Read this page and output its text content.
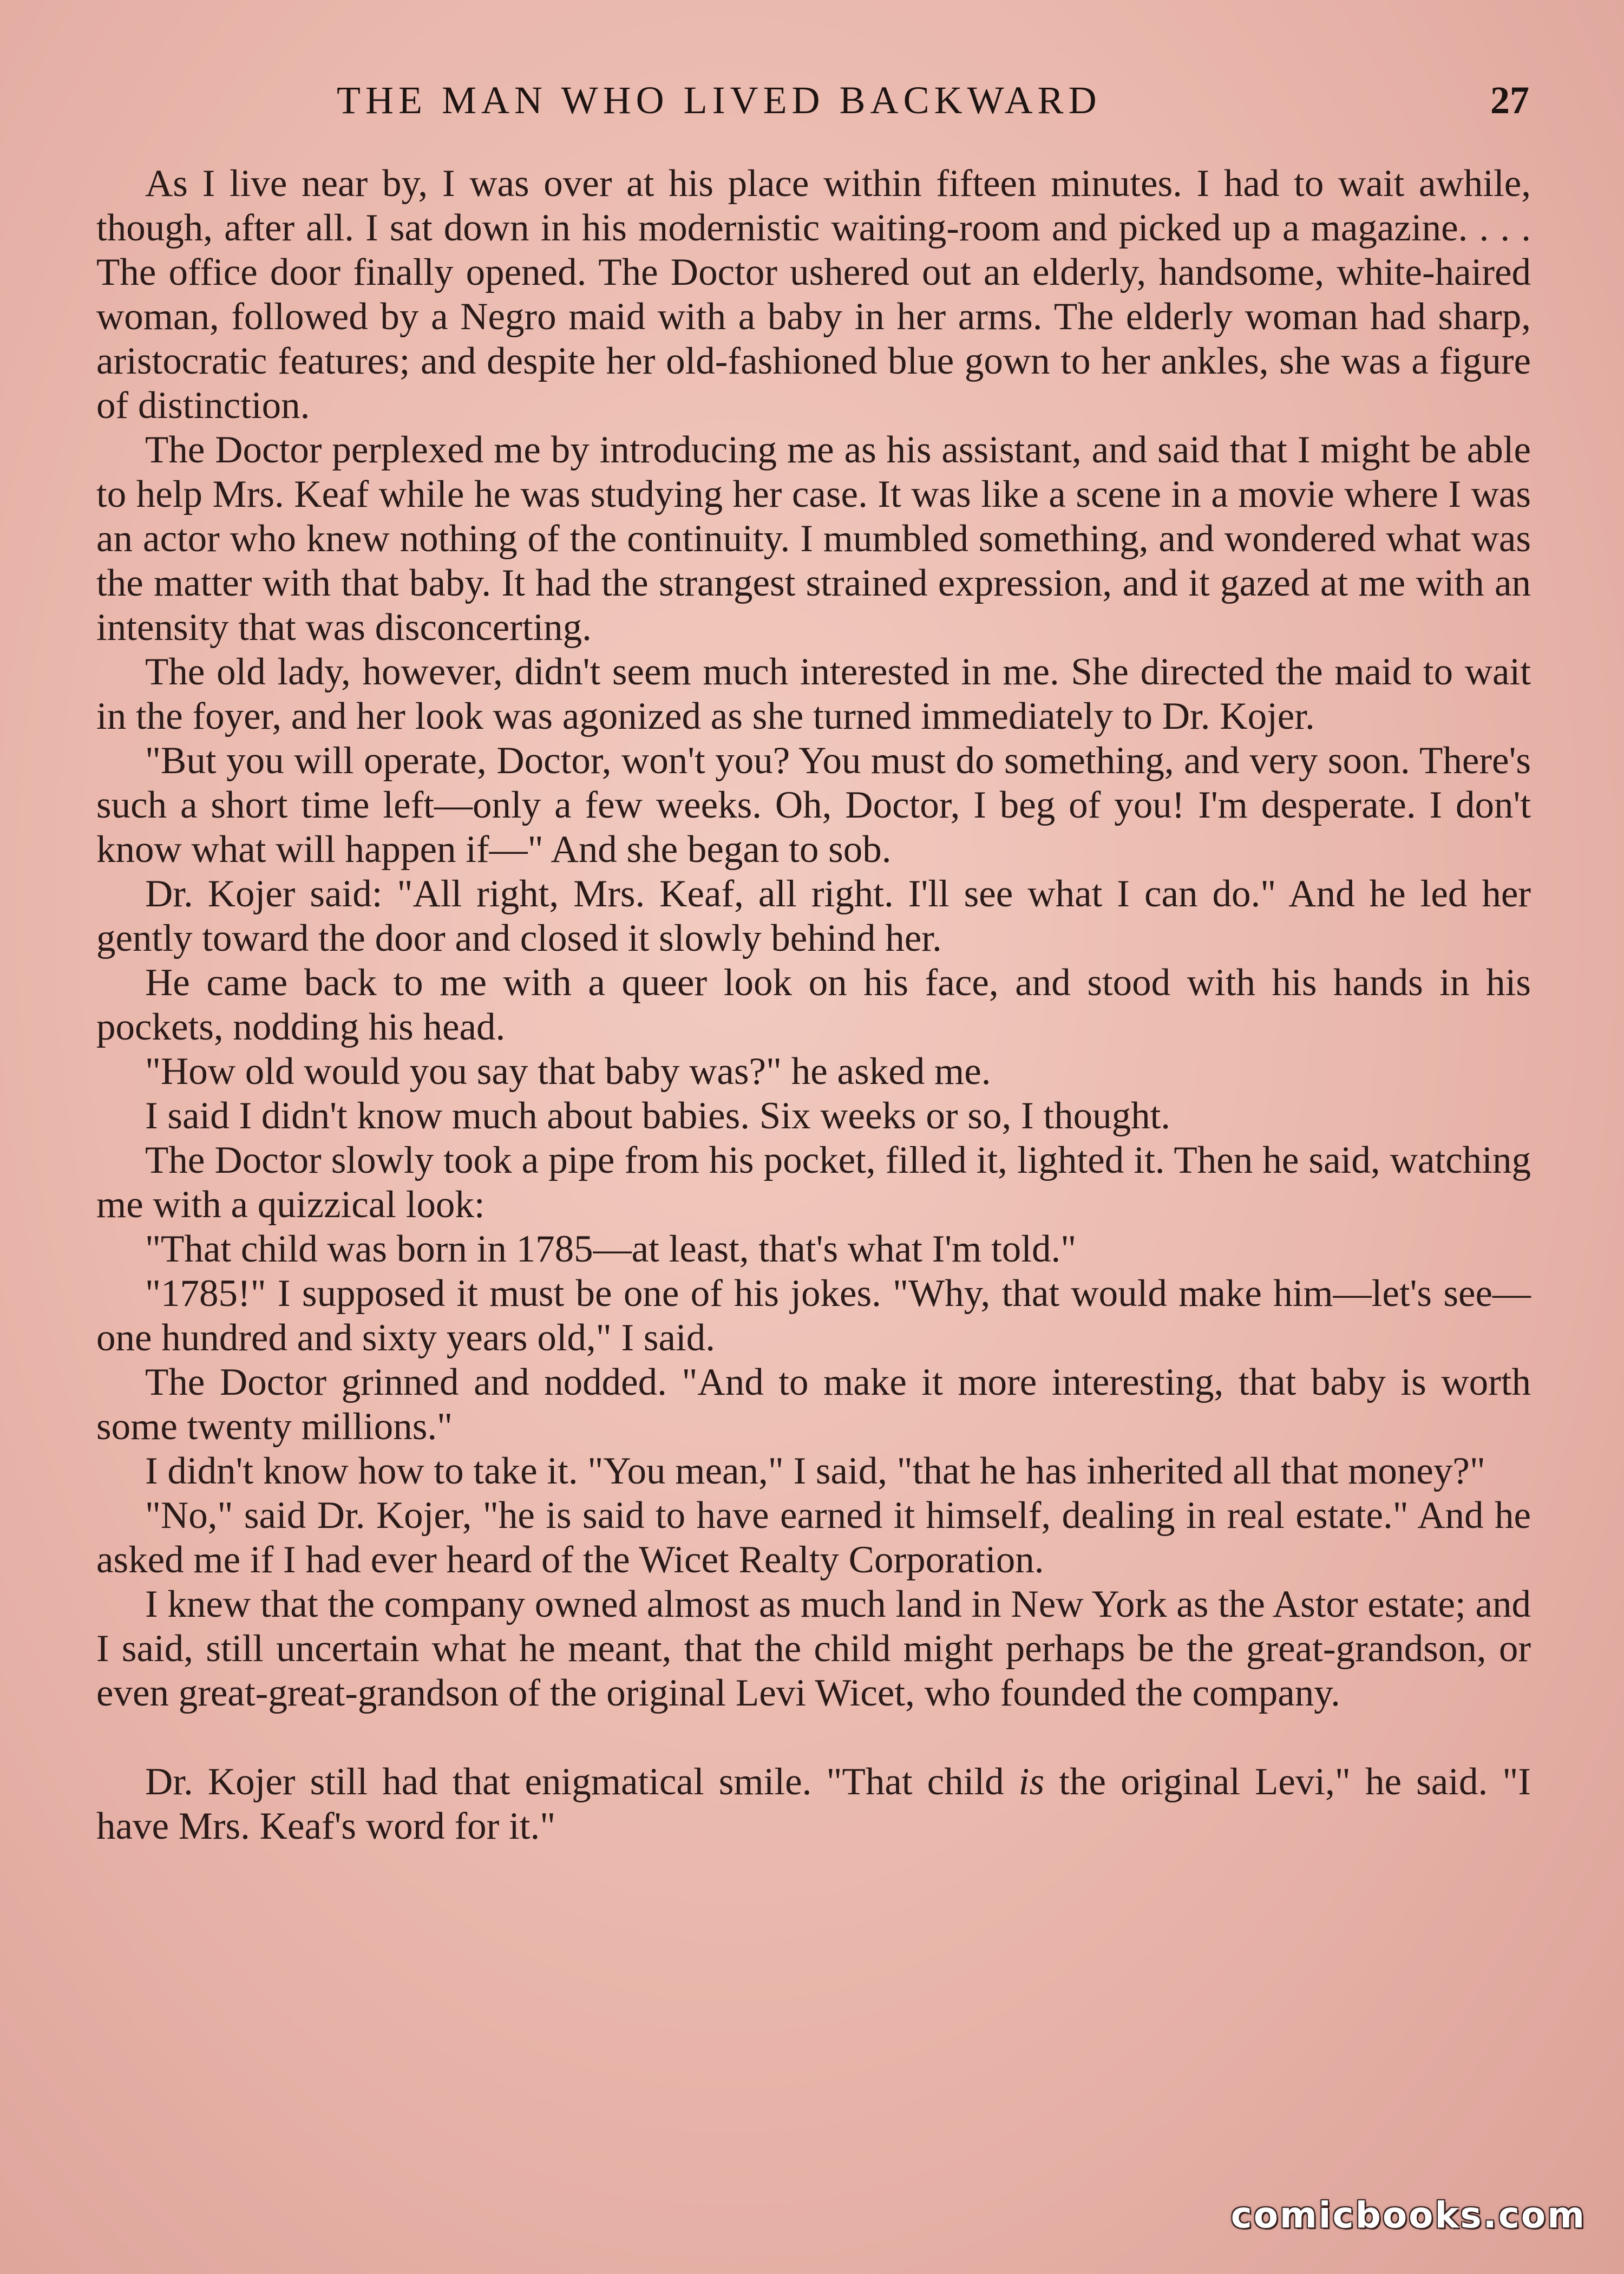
THE MAN WHO LIVED BACKWARD	27

As I live near by, I was over at his place within fifteen minutes. I had to wait awhile, though, after all. I sat down in his modernistic waiting-room and picked up a magazine. . . . The office door finally opened. The Doctor ushered out an elderly, handsome, white-haired woman, followed by a Negro maid with a baby in her arms. The elderly woman had sharp, aristocratic features; and despite her old-fashioned blue gown to her ankles, she was a figure of distinction.

The Doctor perplexed me by introducing me as his assistant, and said that I might be able to help Mrs. Keaf while he was studying her case. It was like a scene in a movie where I was an actor who knew nothing of the continuity. I mumbled something, and wondered what was the matter with that baby. It had the strangest strained expression, and it gazed at me with an intensity that was disconcerting.

The old lady, however, didn't seem much interested in me. She directed the maid to wait in the foyer, and her look was agonized as she turned immediately to Dr. Kojer.

"But you will operate, Doctor, won't you? You must do something, and very soon. There's such a short time left—only a few weeks. Oh, Doctor, I beg of you! I'm desperate. I don't know what will happen if—" And she began to sob.

Dr. Kojer said: "All right, Mrs. Keaf, all right. I'll see what I can do." And he led her gently toward the door and closed it slowly behind her.

He came back to me with a queer look on his face, and stood with his hands in his pockets, nodding his head.

"How old would you say that baby was?" he asked me.

I said I didn't know much about babies. Six weeks or so, I thought.

The Doctor slowly took a pipe from his pocket, filled it, lighted it. Then he said, watching me with a quizzical look:

"That child was born in 1785—at least, that's what I'm told."

"1785!" I supposed it must be one of his jokes. "Why, that would make him—let's see—one hundred and sixty years old," I said.

The Doctor grinned and nodded. "And to make it more interesting, that baby is worth some twenty millions."

I didn't know how to take it. "You mean," I said, "that he has inherited all that money?"

"No," said Dr. Kojer, "he is said to have earned it himself, dealing in real estate." And he asked me if I had ever heard of the Wicet Realty Corporation.

I knew that the company owned almost as much land in New York as the Astor estate; and I said, still uncertain what he meant, that the child might perhaps be the great-grandson, or even great-great-grandson of the original Levi Wicet, who founded the company.

Dr. Kojer still had that enigmatical smile. "That child is the original Levi," he said. "I have Mrs. Keaf's word for it."

comicbooks.com
